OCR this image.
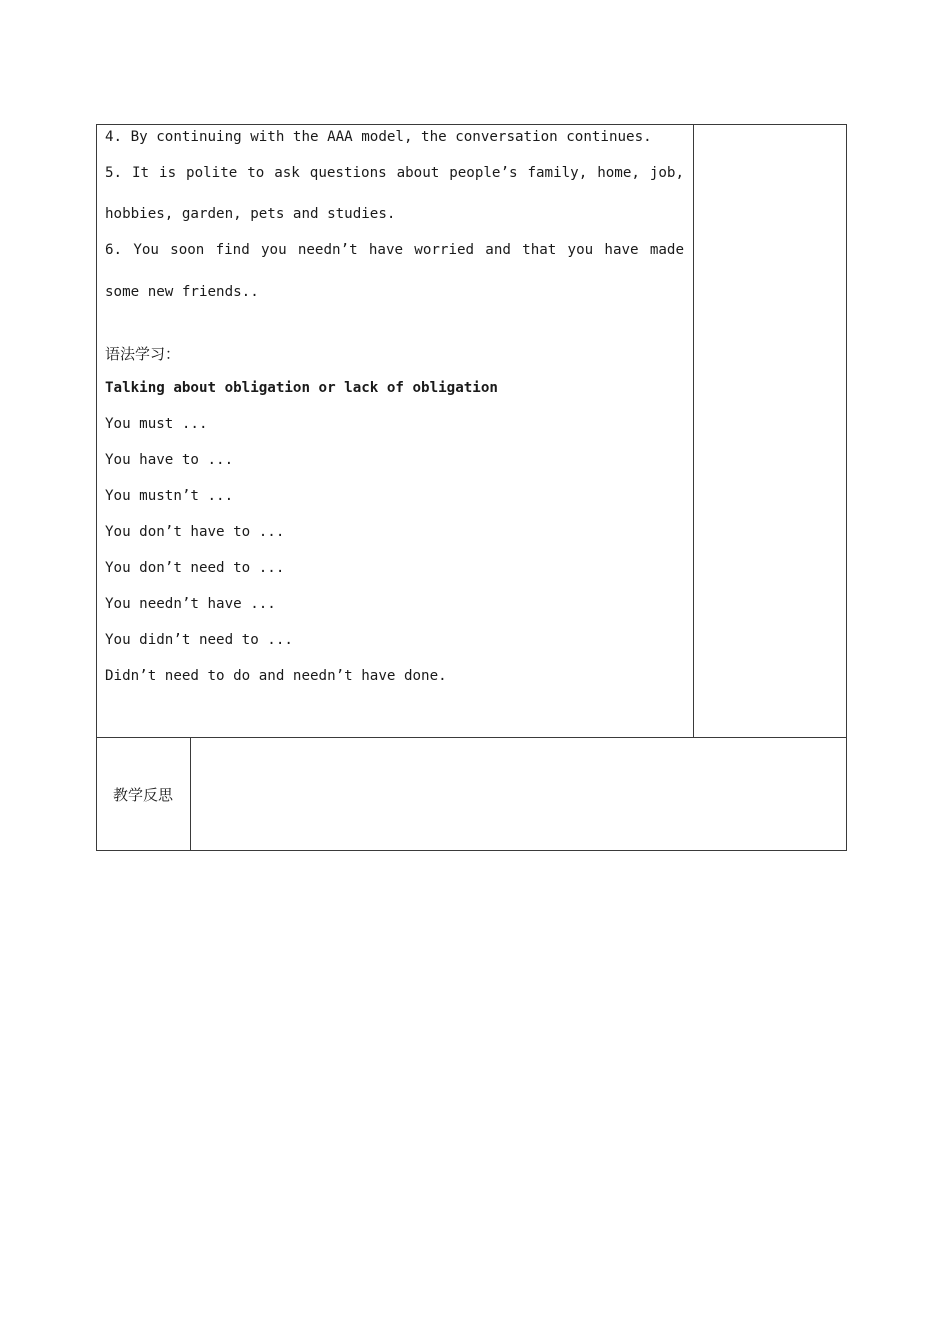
4. By continuing with the AAA model, the conversation continues.
5. It is polite to ask questions about people’s family, home, job,
hobbies, garden, pets and studies.
6. You soon find you needn’t have worried and that you have made
some new friends..
语法学习：
Talking about obligation or lack of obligation
You must ...
You have to ...
You mustn’t ...
You don’t have to ...
You don’t need to ...
You needn’t have ...
You didn’t need to ...
Didn’t need to do and needn’t have done.
教学反思
